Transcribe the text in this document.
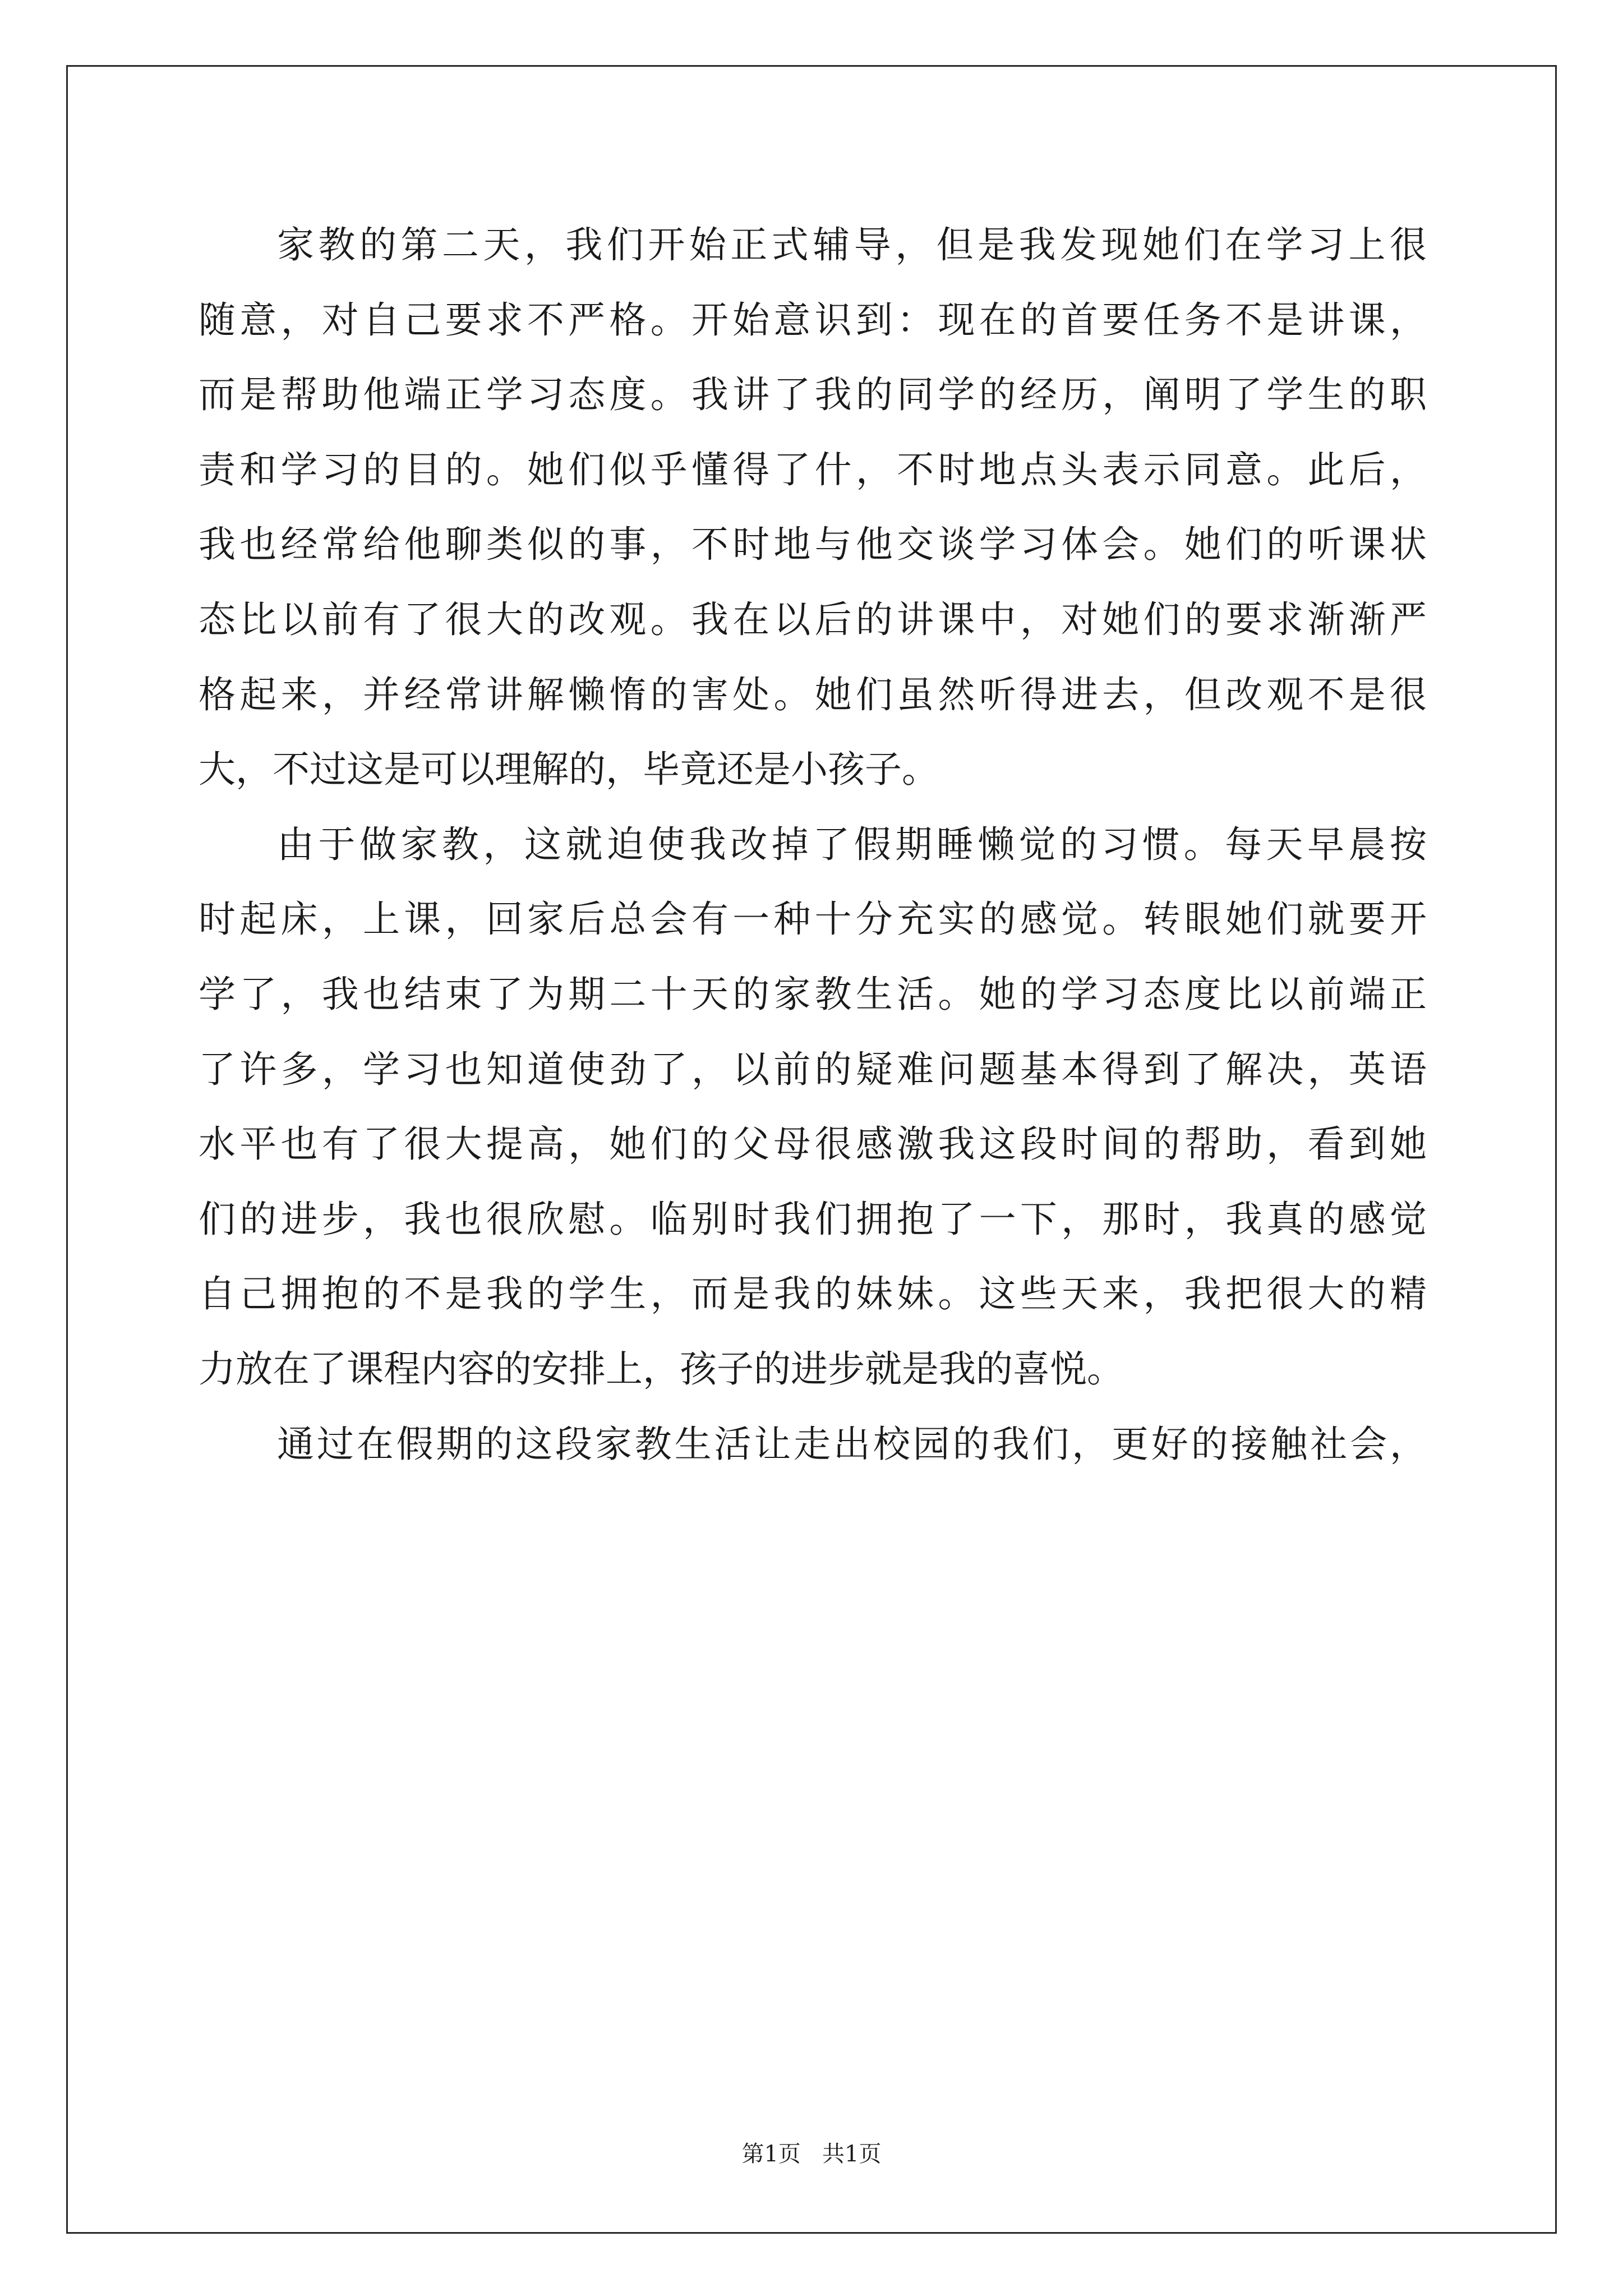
家教的第二天，我们开始正式辅导，但是我发现她们在学习上很
随意，对自己要求不严格。开始意识到：现在的首要任务不是讲课，
而是帮助他端正学习态度。我讲了我的同学的经历，阐明了学生的职
责和学习的目的。她们似乎懂得了什，不时地点头表示同意。此后，
我也经常给他聊类似的事，不时地与他交谈学习体会。她们的听课状
态比以前有了很大的改观。我在以后的讲课中，对她们的要求渐渐严
格起来，并经常讲解懒惰的害处。她们虽然听得进去，但改观不是很
大，不过这是可以理解的，毕竟还是小孩子。
由于做家教，这就迫使我改掉了假期睡懒觉的习惯。每天早晨按
时起床，上课，回家后总会有一种十分充实的感觉。转眼她们就要开
学了，我也结束了为期二十天的家教生活。她的学习态度比以前端正
了许多，学习也知道使劲了，以前的疑难问题基本得到了解决，英语
水平也有了很大提高，她们的父母很感激我这段时间的帮助，看到她
们的进步，我也很欣慰。临别时我们拥抱了一下，那时，我真的感觉
自己拥抱的不是我的学生，而是我的妹妹。这些天来，我把很大的精
力放在了课程内容的安排上，孩子的进步就是我的喜悦。
通过在假期的这段家教生活让走出校园的我们，更好的接触社会，
第1页   共1页
